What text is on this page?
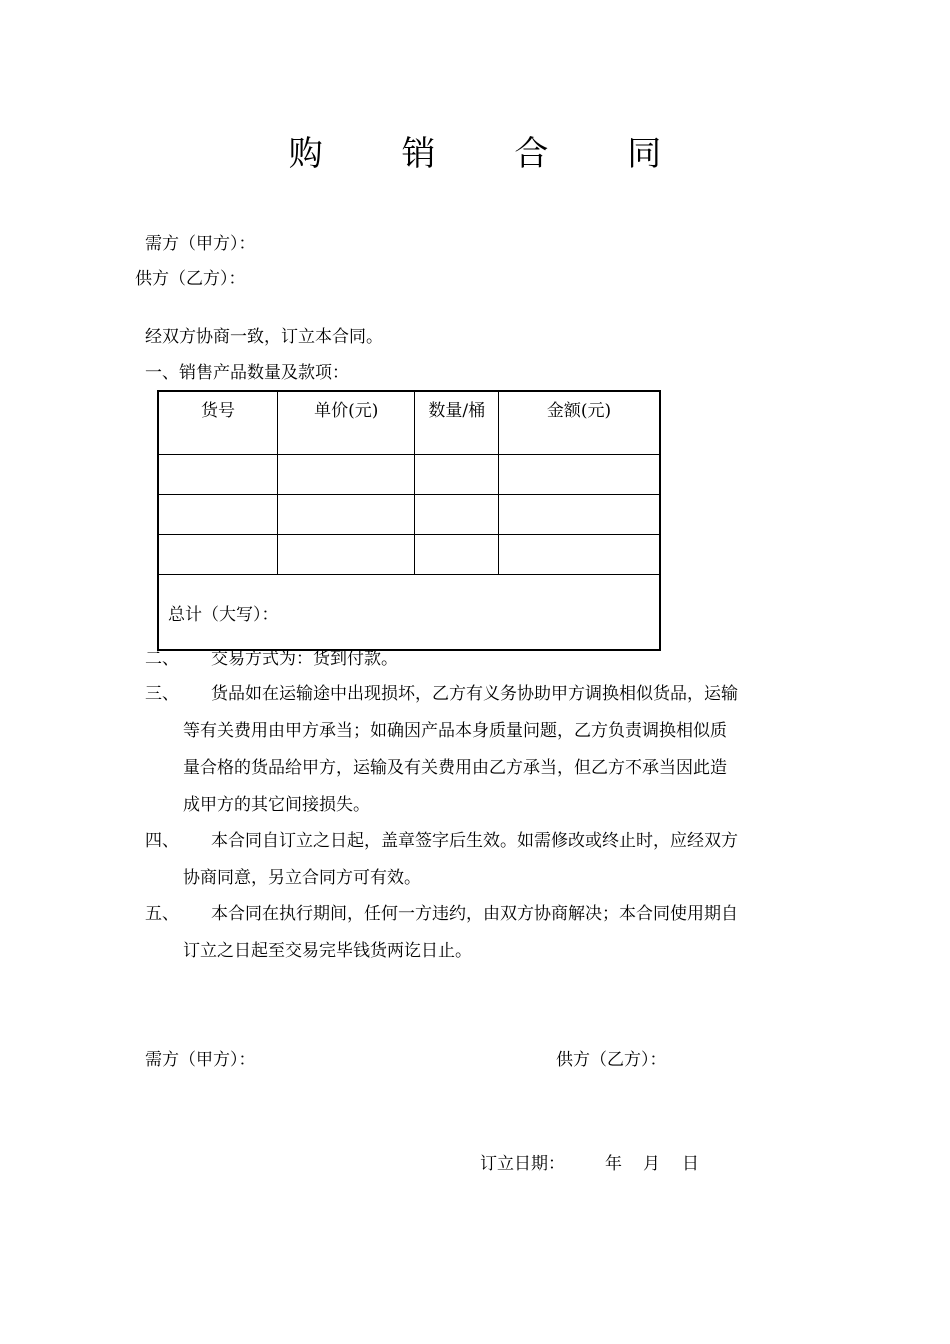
购 销 合 同
需方（甲方）：
供方（乙方）：
经双方协商一致，订立本合同。
一、销售产品数量及款项：
货号	单价(元)	数量/桶	金额(元)

总计（大写）：			
二、 交易方式为：货到付款。
三、 货品如在运输途中出现损坏，乙方有义务协助甲方调换相似货品，运输
等有关费用由甲方承当；如确因产品本身质量问题，乙方负责调换相似质
量合格的货品给甲方，运输及有关费用由乙方承当，但乙方不承当因此造
成甲方的其它间接损失。
四、 本合同自订立之日起，盖章签字后生效。如需修改或终止时，应经双方
协商同意，另立合同方可有效。
五、 本合同在执行期间，任何一方违约，由双方协商解决；本合同使用期自
订立之日起至交易完毕钱货两讫日止。
需方（甲方）：	供方（乙方）：
订立日期： 年 月 日
